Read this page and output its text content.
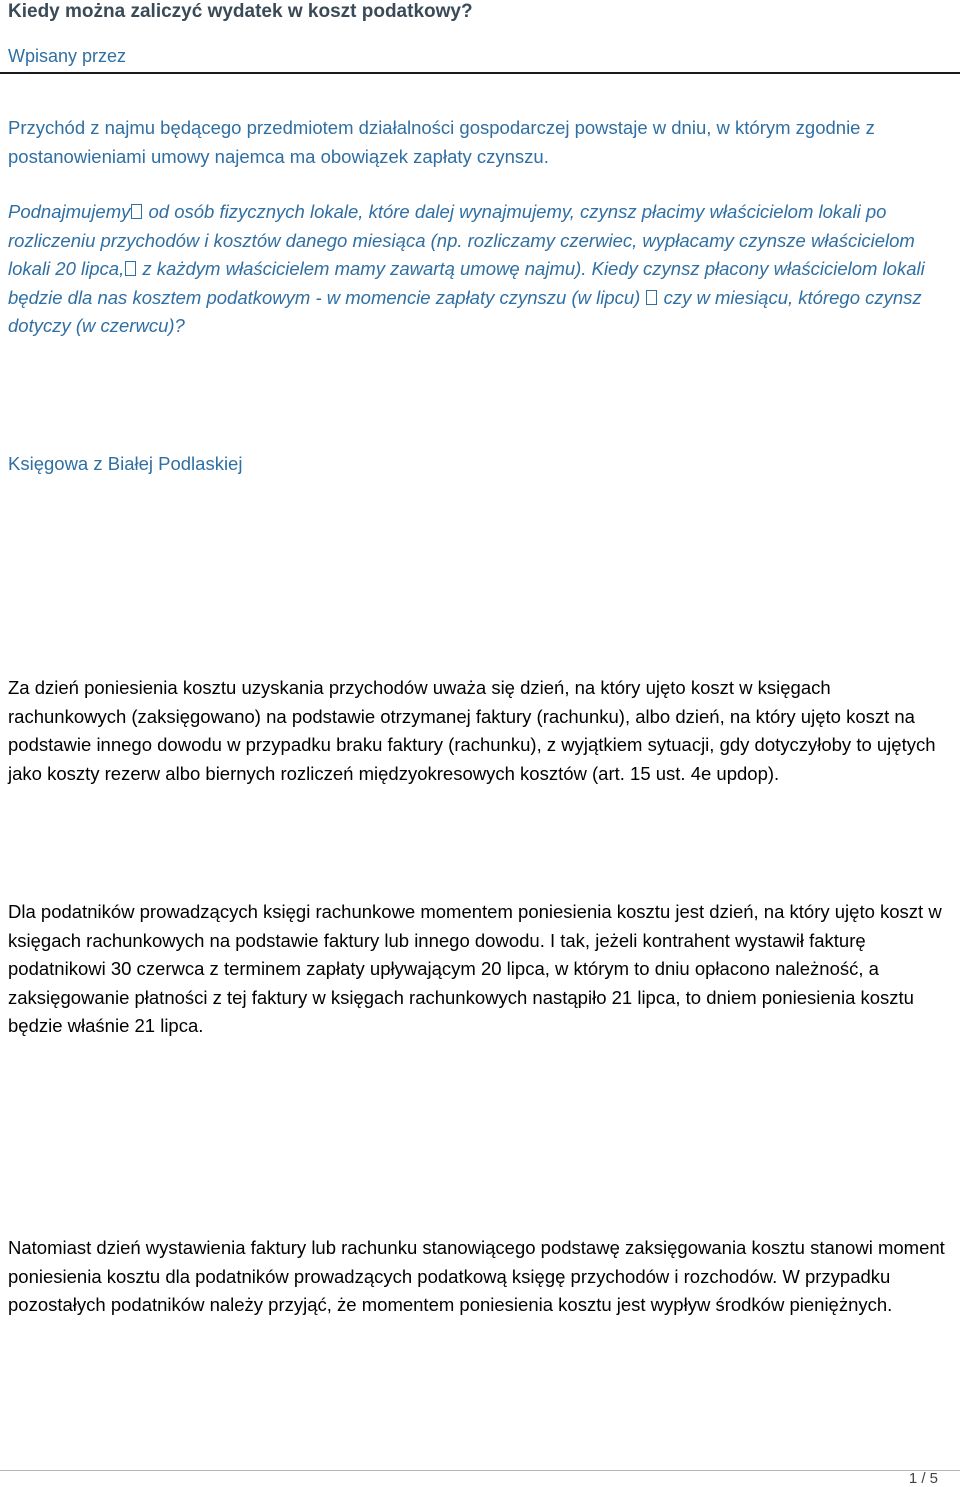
Kiedy można zaliczyć wydatek w koszt podatkowy?
Wpisany przez

Przychód z najmu będącego przedmiotem działalności gospodarczej powstaje w dniu, w którym zgodnie z postanowieniami umowy najemca ma obowiązek zapłaty czynszu.

Podnajmujemy od osób fizycznych lokale, które dalej wynajmujemy, czynsz płacimy właścicielom lokali po rozliczeniu przychodów i kosztów danego miesiąca (np. rozliczamy czerwiec, wypłacamy czynsze właścicielom lokali 20 lipca, z każdym właścicielem mamy zawartą umowę najmu). Kiedy czynsz płacony właścicielom lokali będzie dla nas kosztem podatkowym - w momencie zapłaty czynszu (w lipcu)  czy w miesiącu, którego czynsz dotyczy (w czerwcu)?

Księgowa z Białej Podlaskiej

Za dzień poniesienia kosztu uzyskania przychodów uważa się dzień, na który ujęto koszt w księgach rachunkowych (zaksięgowano) na podstawie otrzymanej faktury (rachunku), albo dzień, na który ujęto koszt na podstawie innego dowodu w przypadku braku faktury (rachunku), z wyjątkiem sytuacji, gdy dotyczyłoby to ujętych jako koszty rezerw albo biernych rozliczeń międzyokresowych kosztów (art. 15 ust. 4e updop).

Dla podatników prowadzących księgi rachunkowe momentem poniesienia kosztu jest dzień, na który ujęto koszt w księgach rachunkowych na podstawie faktury lub innego dowodu. I tak, jeżeli kontrahent wystawił fakturę podatnikowi 30 czerwca z terminem zapłaty upływającym 20 lipca, w którym to dniu opłacono należność, a zaksięgowanie płatności z tej faktury w księgach rachunkowych nastąpiło 21 lipca, to dniem poniesienia kosztu będzie właśnie 21 lipca.

Natomiast dzień wystawienia faktury lub rachunku stanowiącego podstawę zaksięgowania kosztu stanowi moment poniesienia kosztu dla podatników prowadzących podatkową księgę przychodów i rozchodów. W przypadku pozostałych podatników należy przyjąć, że momentem poniesienia kosztu jest wypływ środków pieniężnych.

1 / 5
